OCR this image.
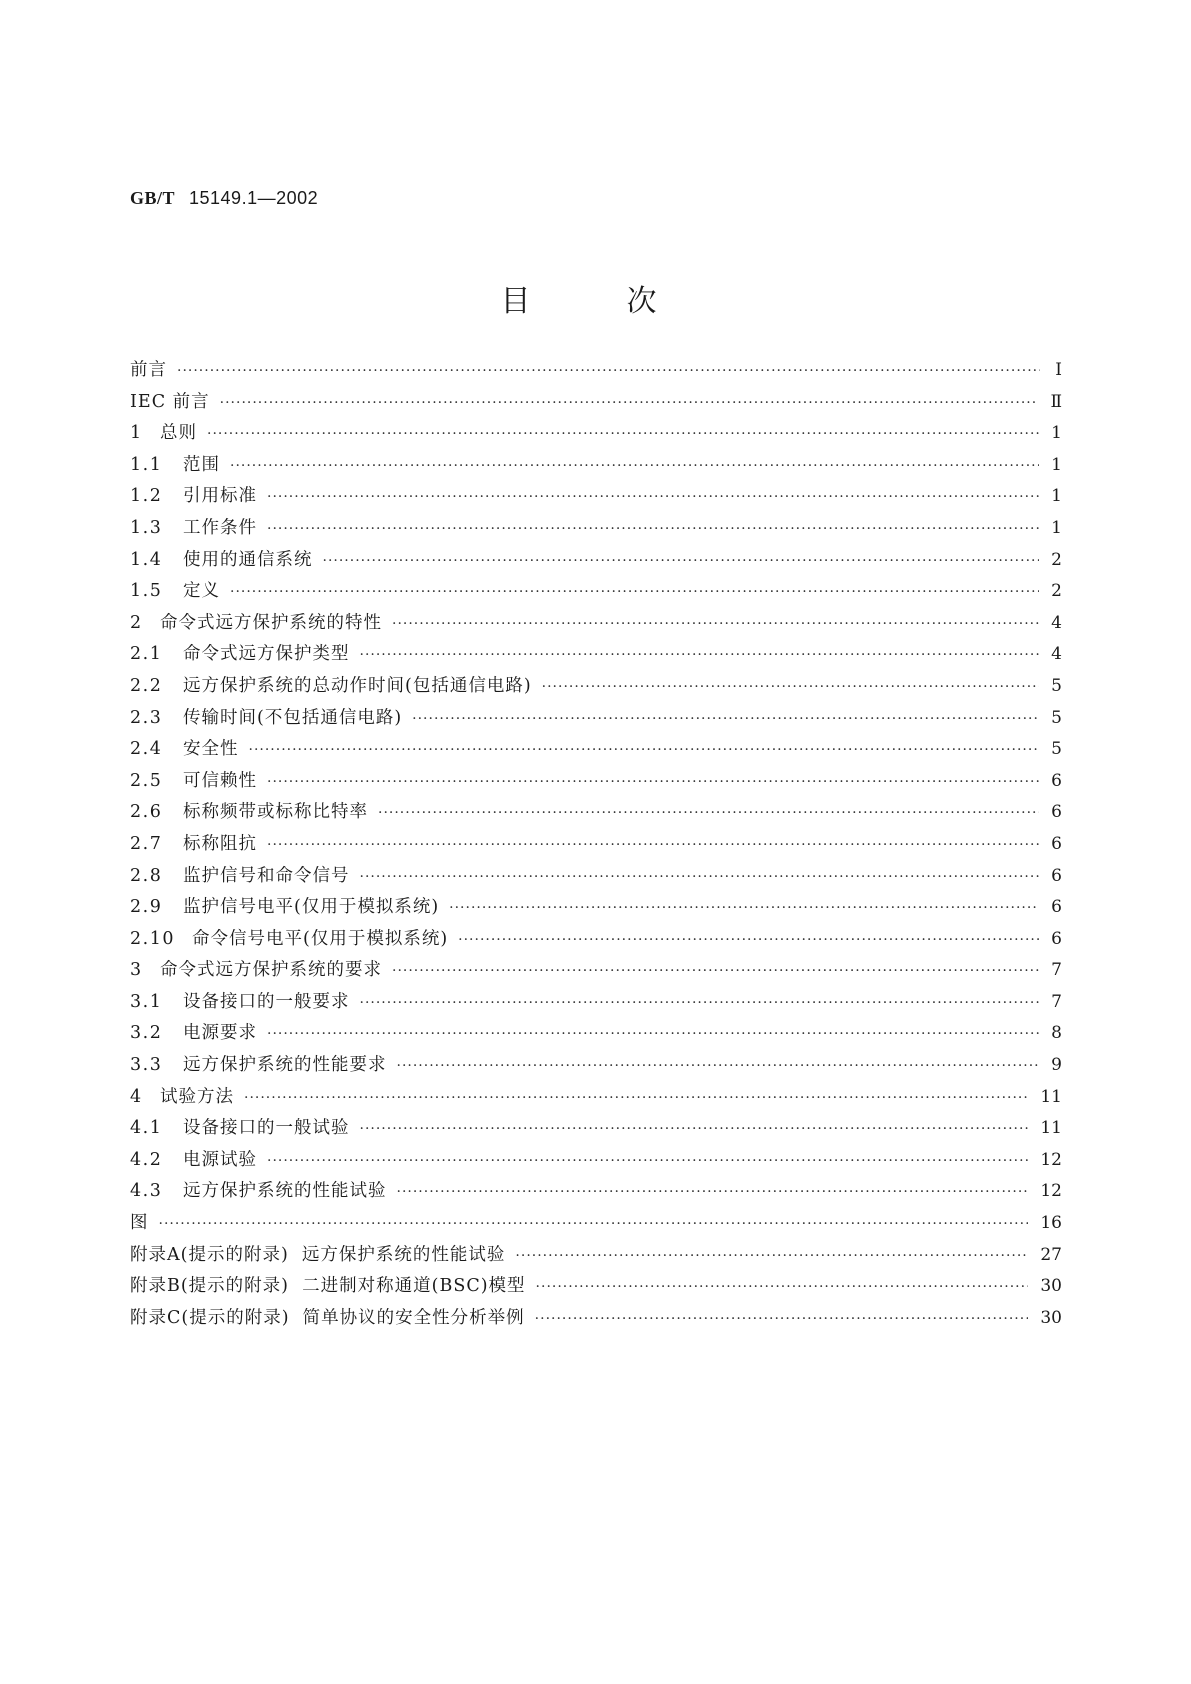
GB/T 15149.1—2002
目次
前言 ·····	Ⅰ
IEC 前言 ·····	Ⅱ
1 总则 ·····	1
1.1	范围 ·····	1
1.2	引用标准 ·····	1
1.3	工作条件 ·····	1
1.4	使用的通信系统 ·····	2
1.5	定义 ·····	2
2 命令式远方保护系统的特性 ·····	4
2.1	命令式远方保护类型 ·····	4
2.2	远方保护系统的总动作时间(包括通信电路) ·····	5
2.3	传输时间(不包括通信电路) ·····	5
2.4	安全性 ·····	5
2.5	可信赖性 ·····	6
2.6	标称频带或标称比特率 ·····	6
2.7	标称阻抗 ·····	6
2.8	监护信号和命令信号 ·····	6
2.9	监护信号电平(仅用于模拟系统) ·····	6
2.10 命令信号电平(仅用于模拟系统) ·····	6
3 命令式远方保护系统的要求 ·····	7
3.1	设备接口的一般要求 ·····	7
3.2	电源要求 ·····	8
3.3	远方保护系统的性能要求 ·····	9
4 试验方法 ·····	11
4.1	设备接口的一般试验 ·····	11
4.2	电源试验 ·····	12
4.3	远方保护系统的性能试验 ·····	12
图 ·····	16
附录A(提示的附录)  远方保护系统的性能试验 ·····	27
附录B(提示的附录)  二进制对称通道(BSC)模型 ·····	30
附录C(提示的附录)  简单协议的安全性分析举例 ·····	30
